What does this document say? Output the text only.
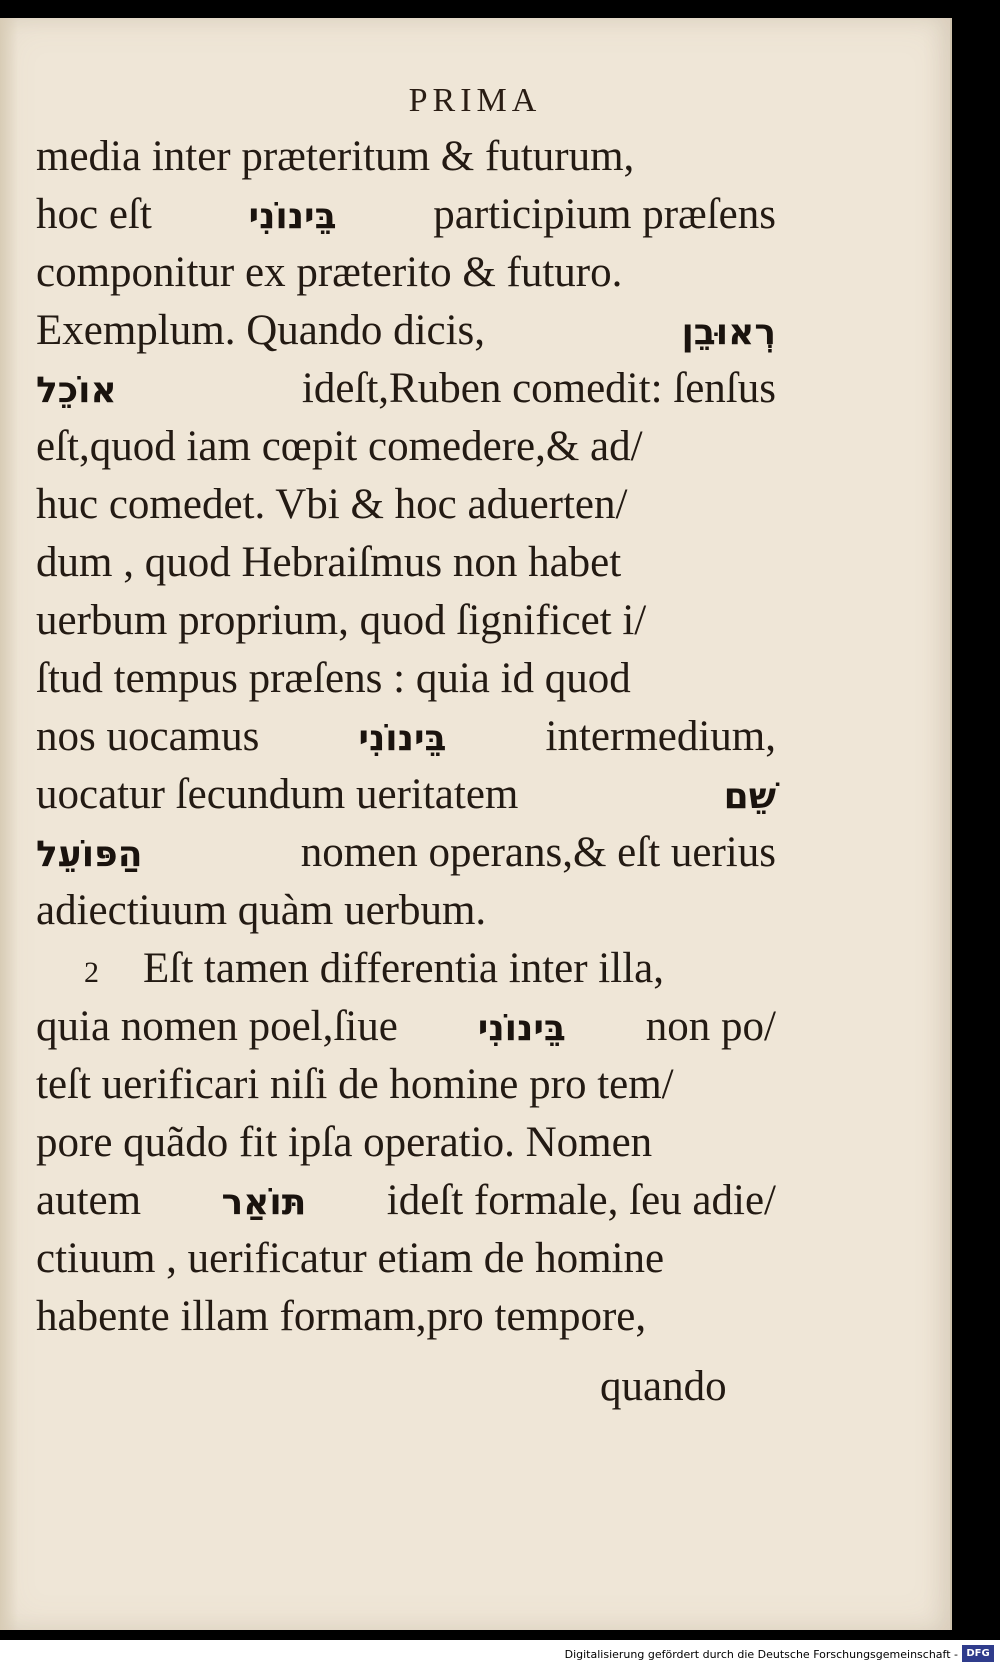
PRIMA
media inter præteritum & futurum,
hoc eſt	בֵּינוֹנִי participium præſens
componitur ex præterito & futuro.
Exemplum. Quando dicis,	רְאוּבֵן
אוֹכֵל	ideſt,Ruben comedit: ſenſus
eſt,quod iam cœpit comedere,& ad/
huc comedet. Vbi & hoc aduerten/
dum , quod Hebraiſmus non habet
uerbum proprium, quod ſignificet i/
ſtud tempus præſens : quia id quod
nos uocamus	בֵּינוֹנִי intermedium,
uocatur ſecundum ueritatem	שֵׁם
הַפּוֹעֵל	nomen operans,& eſt uerius
adiectiuum quàm uerbum.
2	Eſt tamen differentia inter illa,
quia nomen poel,ſiue בֵּינוֹנִי non po/
teſt uerificari niſi de homine pro tem/
pore quãdo fit ipſa operatio. Nomen
autem תּוֹאַר ideſt formale, ſeu adie/
ctiuum , uerificatur etiam de homine
habente illam formam,pro tempore,
quando
Digitalisierung gefördert durch die Deutsche Forschungsgemeinschaft - DFG
